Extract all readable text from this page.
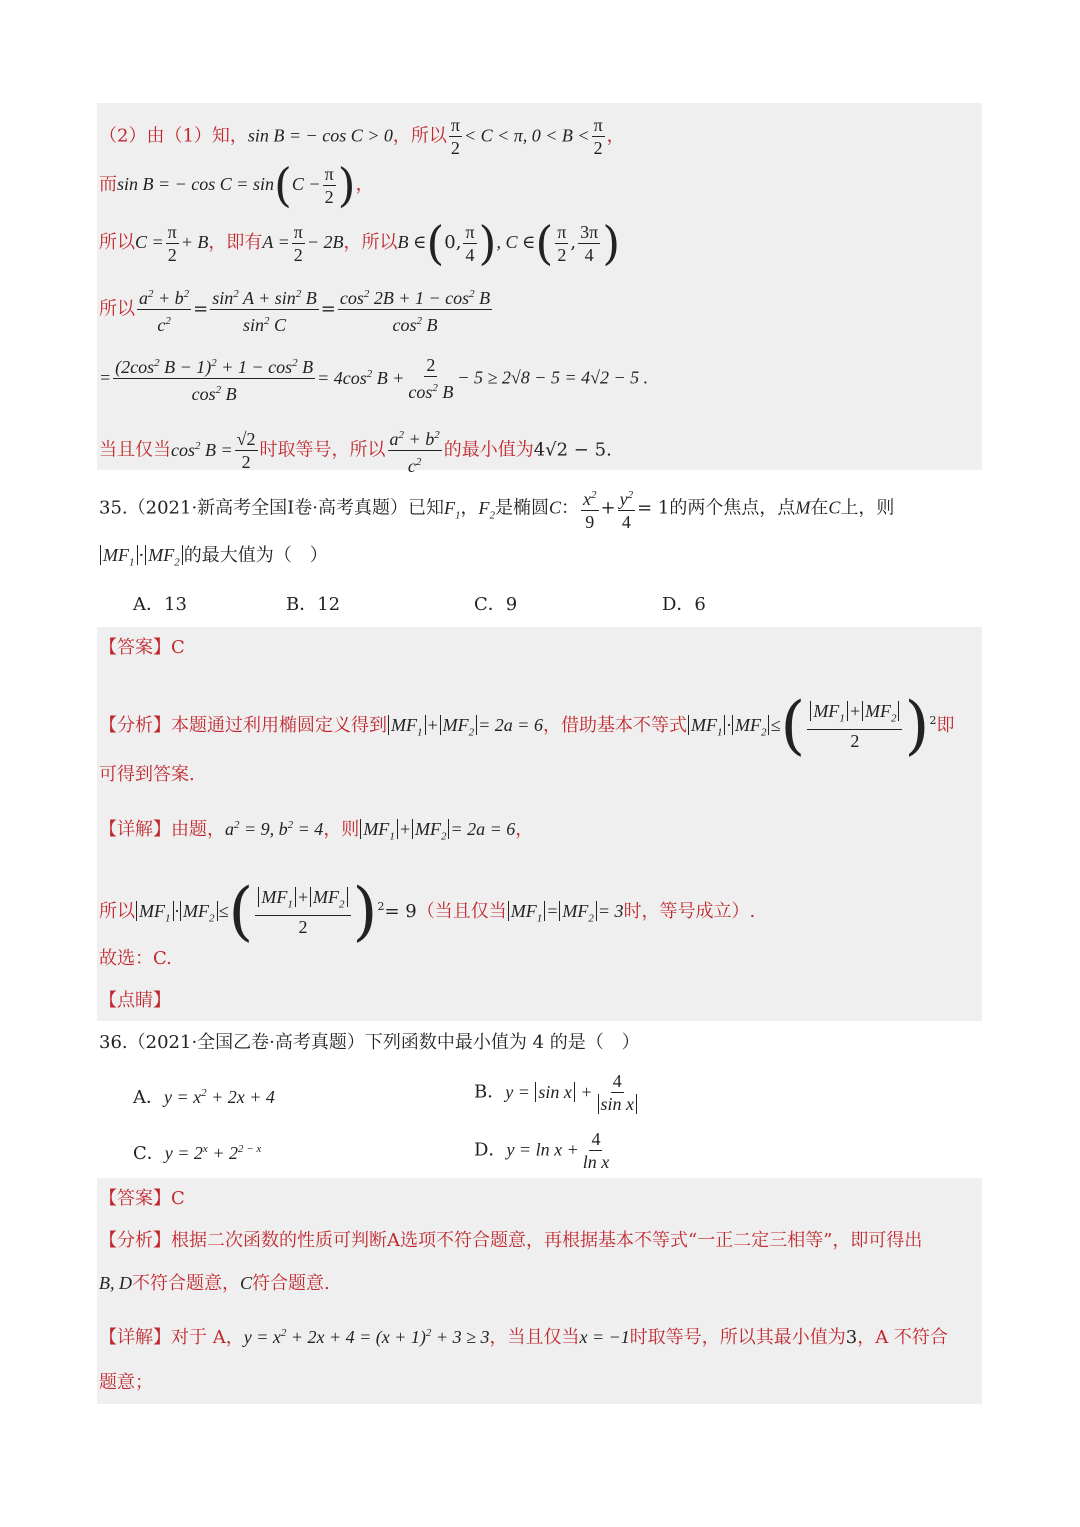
（2）由（1）知，sin B = − cos C > 0，所以 $\frac{\pi}{2} < C < \pi$, $0 < B < \frac{\pi}{2}$ ，
而sin B = − $\cos C = \sin(C - \frac{\pi}{2}$ )，
所以$C = \frac{\pi}{2} + B$，即有$A = \frac{\pi}{2} - 2B$，所以B ∈(0, $\frac{\pi}{4}$ ), C ∈( $\frac{\pi}{2}$ , $\frac{3\pi}{4}$ )
所以 $\frac{a^2 + b^2}{c^2} = \frac{\sin^2 A + \sin^2 B}{\sin^2 C} = \frac{\cos^2 2B + 1 - \cos^2 B}{\cos^2 B}$
= $\frac{(2\cos^2 B - 1)^2 + 1 - \cos^2 B}{\cos^2 B} = 4\cos^2$ $B + \frac{2}{\cos^2 B} - 5 \ge 2√8 - 5 = 4√2 - 5$ .
当且仅当$\cos^2 B = \frac{√2}{2}$ 时取等号，所以 $\frac{a^2 + b^2}{c^2}$ 的最小值为4√2 − 5.
35.（2021·新高考全国Ⅰ卷·高考真题）已知$F_1$，$F_2$是椭圆C： $\frac{x^2}{9} + \frac{y^2}{4} = 1$的两个焦点，点M在C上，则
$MF_1 \cdot MF_2$ 的最大值为（　）
A．13	B．12	C．9	D．6
【答案】C
【分析】本题通过利用椭圆定义得到 $MF_1 + MF_2 = 2a = 6$，借助基本不等式 $MF_1 \cdot MF_2$ ≤( $\frac{MF_1 + MF_2}{2} )^2$即
可得到答案.
【详解】由题，$a^2 = 9$, $b^2 = 4$，则 $MF_1 + MF_2 = 2a = 6$，
所以 $MF_1 \cdot MF_2$ ≤( $\frac{MF_1 + MF_2}{2} )^2= 9$（当且仅当 $MF_1 = MF_2 = 3$时，等号成立）.
故选：C.
【点睛】
36.（2021·全国乙卷·高考真题）下列函数中最小值为 4 的是（　）
A．$y = x^2 + 2x + 4$	B．$y = \sin x + \frac{4}{\text{sin x}}$
C．$y = 2^x + 2^{2 - x}$	D．$y = \ln x + \frac{4}{\text{ln x}}$
【答案】C
【分析】根据二次函数的性质可判断A选项不符合题意，再根据基本不等式“一正二定三相等”，即可得出
B, D不符合题意，C符合题意.
【详解】对于 A，$y = x^2 + 2x + 4 = (x + 1)^2 + 3 \ge 3$，当且仅当x = −1时取等号，所以其最小值为3，A 不符合
题意；
